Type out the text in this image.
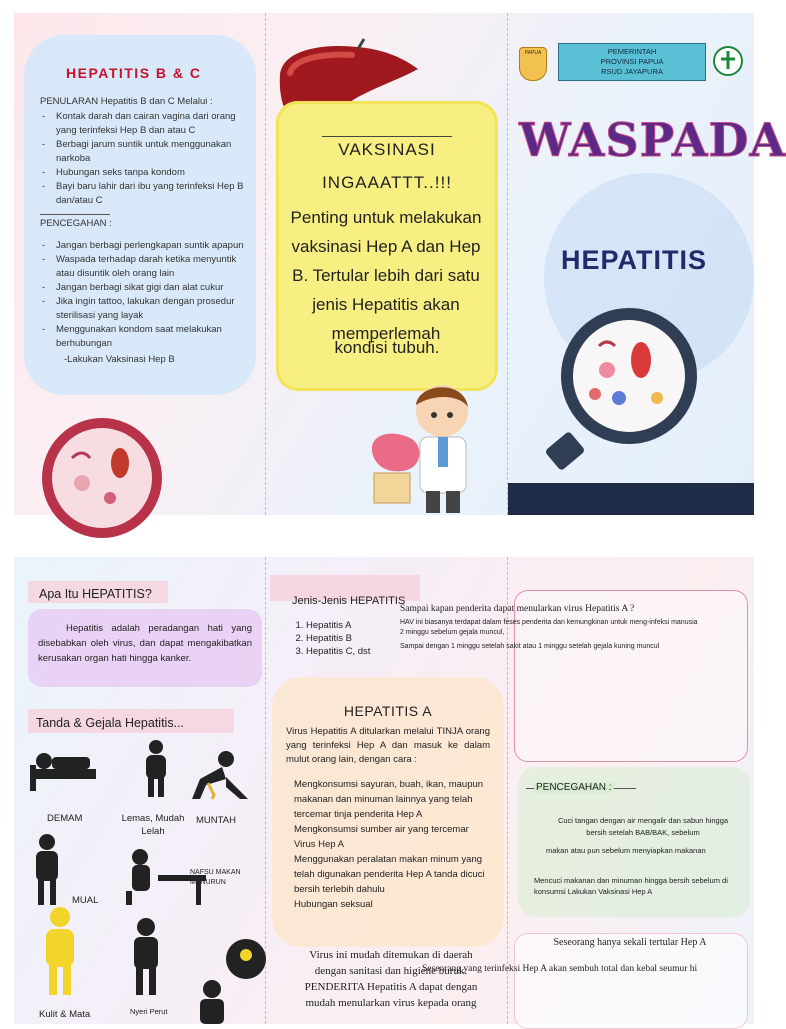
HEPATITIS B & C
PENULARAN Hepatitis B dan C Melalui :
- Kontak darah dan cairan vagina dari orang yang terinfeksi Hep B dan atau C
- Berbagi jarum suntik untuk menggunakan narkoba
- Hubungan seks tanpa kondom
- Bayi baru lahir dari ibu yang terinfeksi Hep B dan/atau C
PENCEGAHAN :
- Jangan berbagi perlengkapan suntik apapun
- Waspada terhadap darah ketika menyuntik atau disuntik oleh orang lain
- Jangan berbagi sikat gigi dan alat cukur
- Jika ingin tattoo, lakukan dengan prosedur sterilisasi yang layak
- Menggunakan kondom saat melakukan berhubungan
-Lakukan Vaksinasi Hep B
VAKSINASI
INGAAATTT..!!!
Penting untuk melakukan vaksinasi Hep A dan Hep B. Tertular lebih dari satu jenis Hepatitis akan memperlemah
kondisi tubuh.
PAPUA	PEMERINTAH
PROVINSI PAPUA
RSUD JAYAPURA
WASPADA
HEPATITIS
Apa Itu HEPATITIS?
Hepatitis adalah peradangan hati yang disebabkan oleh virus, dan dapat mengakibatkan kerusakan organ hati hingga kanker.
Tanda & Gejala Hepatitis...
DEMAM	Lemas, Mudah Lelah
MUNTAH
MUAL
NAFSU MAKAN MENURUN
Kulit & Mata	Nyeri Perut
Jenis-Jenis HEPATITIS
1. Hepatitis A
2. Hepatitis B
3. Hepatitis C, dst
HEPATITIS A
Virus Hepatitis A ditularkan melalui TINJA orang yang terinfeksi Hep A dan masuk ke dalam mulut orang lain, dengan cara :
Mengkonsumsi sayuran, buah, ikan, maupun makanan dan minuman lainnya yang telah tercemar tinja penderita Hep A
Mengkonsumsi sumber air yang tercemar Virus Hep A
Menggunakan peralatan makan minum yang telah digunakan penderita Hep A tanda dicuci bersih terlebih dahulu
Hubungan seksual
Virus ini mudah ditemukan di daerah dengan sanitasi dan higiene buruk. PENDERITA Hepatitis A dapat dengan mudah menularkan virus kepada orang
Sampai kapan penderita dapat menularkan virus Hepatitis A ?
HAV ini biasanya terdapat dalam feses penderita dan kemungkinan untuk meng-infeksi manusia
2 minggu sebelum gejala muncul,
Sampai dengan 1 minggu setelah sakit atau 1 minggu setelah gejala kuning muncul
PENCEGAHAN :
Cuci tangan dengan air mengalir dan sabun hingga bersih setelah BAB/BAK, sebelum
makan atau pun sebelum menyiapkan makanan
Mencuci makanan dan minuman hingga bersih sebelum di konsumsi Lakukan Vaksinasi Hep A
Seseorang hanya sekali tertular Hep A
Seseorang yang terinfeksi Hep A akan sembuh total dan kebal seumur hi
